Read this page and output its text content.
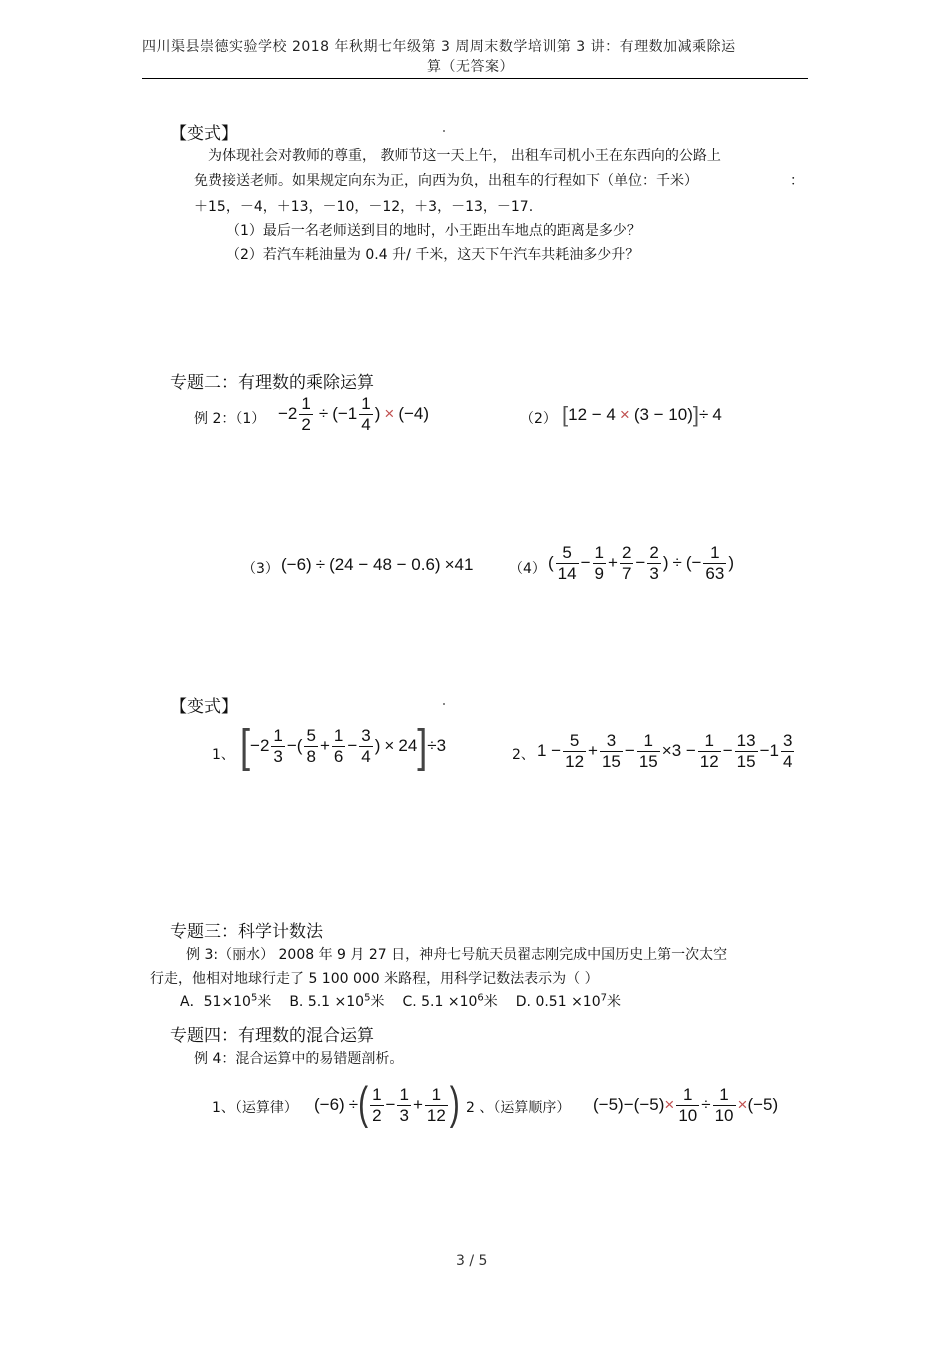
四川渠县崇德实验学校 2018 年秋期七年级第 3 周周末数学培训第 3 讲：有理数加减乘除运
算（无答案）
【变式】
为体现社会对教师的尊重， 教师节这一天上午， 出租车司机小王在东西向的公路上
免费接送老师。如果规定向东为正，向西为负，出租车的行程如下（单位：千米）	：
＋15，－4，＋13，－10，－12，＋3，－13，－17.
（1）最后一名老师送到目的地时，小王距出车地点的距离是多少？
（2）若汽车耗油量为 0.4 升/ 千米，这天下午汽车共耗油多少升？
专题二：有理数的乘除运算
例 2：$(1) -2 \frac{1}{2} \div (-1 \frac{1}{4}$ ) × (−4)	（2） [ 12 − 4 × (3 − 10) ] ÷ 4
（3） (−6) ÷ (24 − 48 − 0.6) × 41	（4） ( $\frac{5}{14} - \frac{1}{9} + \frac{2}{7} - \frac{2}{3}$ ) ÷ (− $\frac{1}{63}$ )
【变式】
1、 [ $-2 \frac{1}{3}$ −( $\frac{5}{8} + \frac{1}{6} - \frac{3}{4}$ ) × 24 ] ÷ 3	2、 $1 - \frac{5}{12} + \frac{3}{15} - \frac{1}{15} \times 3 - \frac{1}{12} - \frac{13}{15} -1 \frac{3}{4}$
专题三：科学计数法
例 3:（丽水） 2008 年 9 月 27 日，神舟七号航天员翟志刚完成中国历史上第一次太空
行走，他相对地球行走了 5 100 000 米路程，用科学记数法表示为（ ）
A．$51\times 10^5$米 B. $5.1 \times 10^5$米 C. $5.1 \times 10^6$米 D. $0.51 \times 10^7$米
专题四：有理数的混合运算
例 4：混合运算中的易错题剖析。
1、（运算律） (−6) ÷ ( $\frac{1}{2} - \frac{1}{3} + \frac{1}{12}$ ) 2 、（运算顺序） $(-5) - (-5) \times \frac{1}{10} \div \frac{1}{10} \times (-5)$
3 / 5
